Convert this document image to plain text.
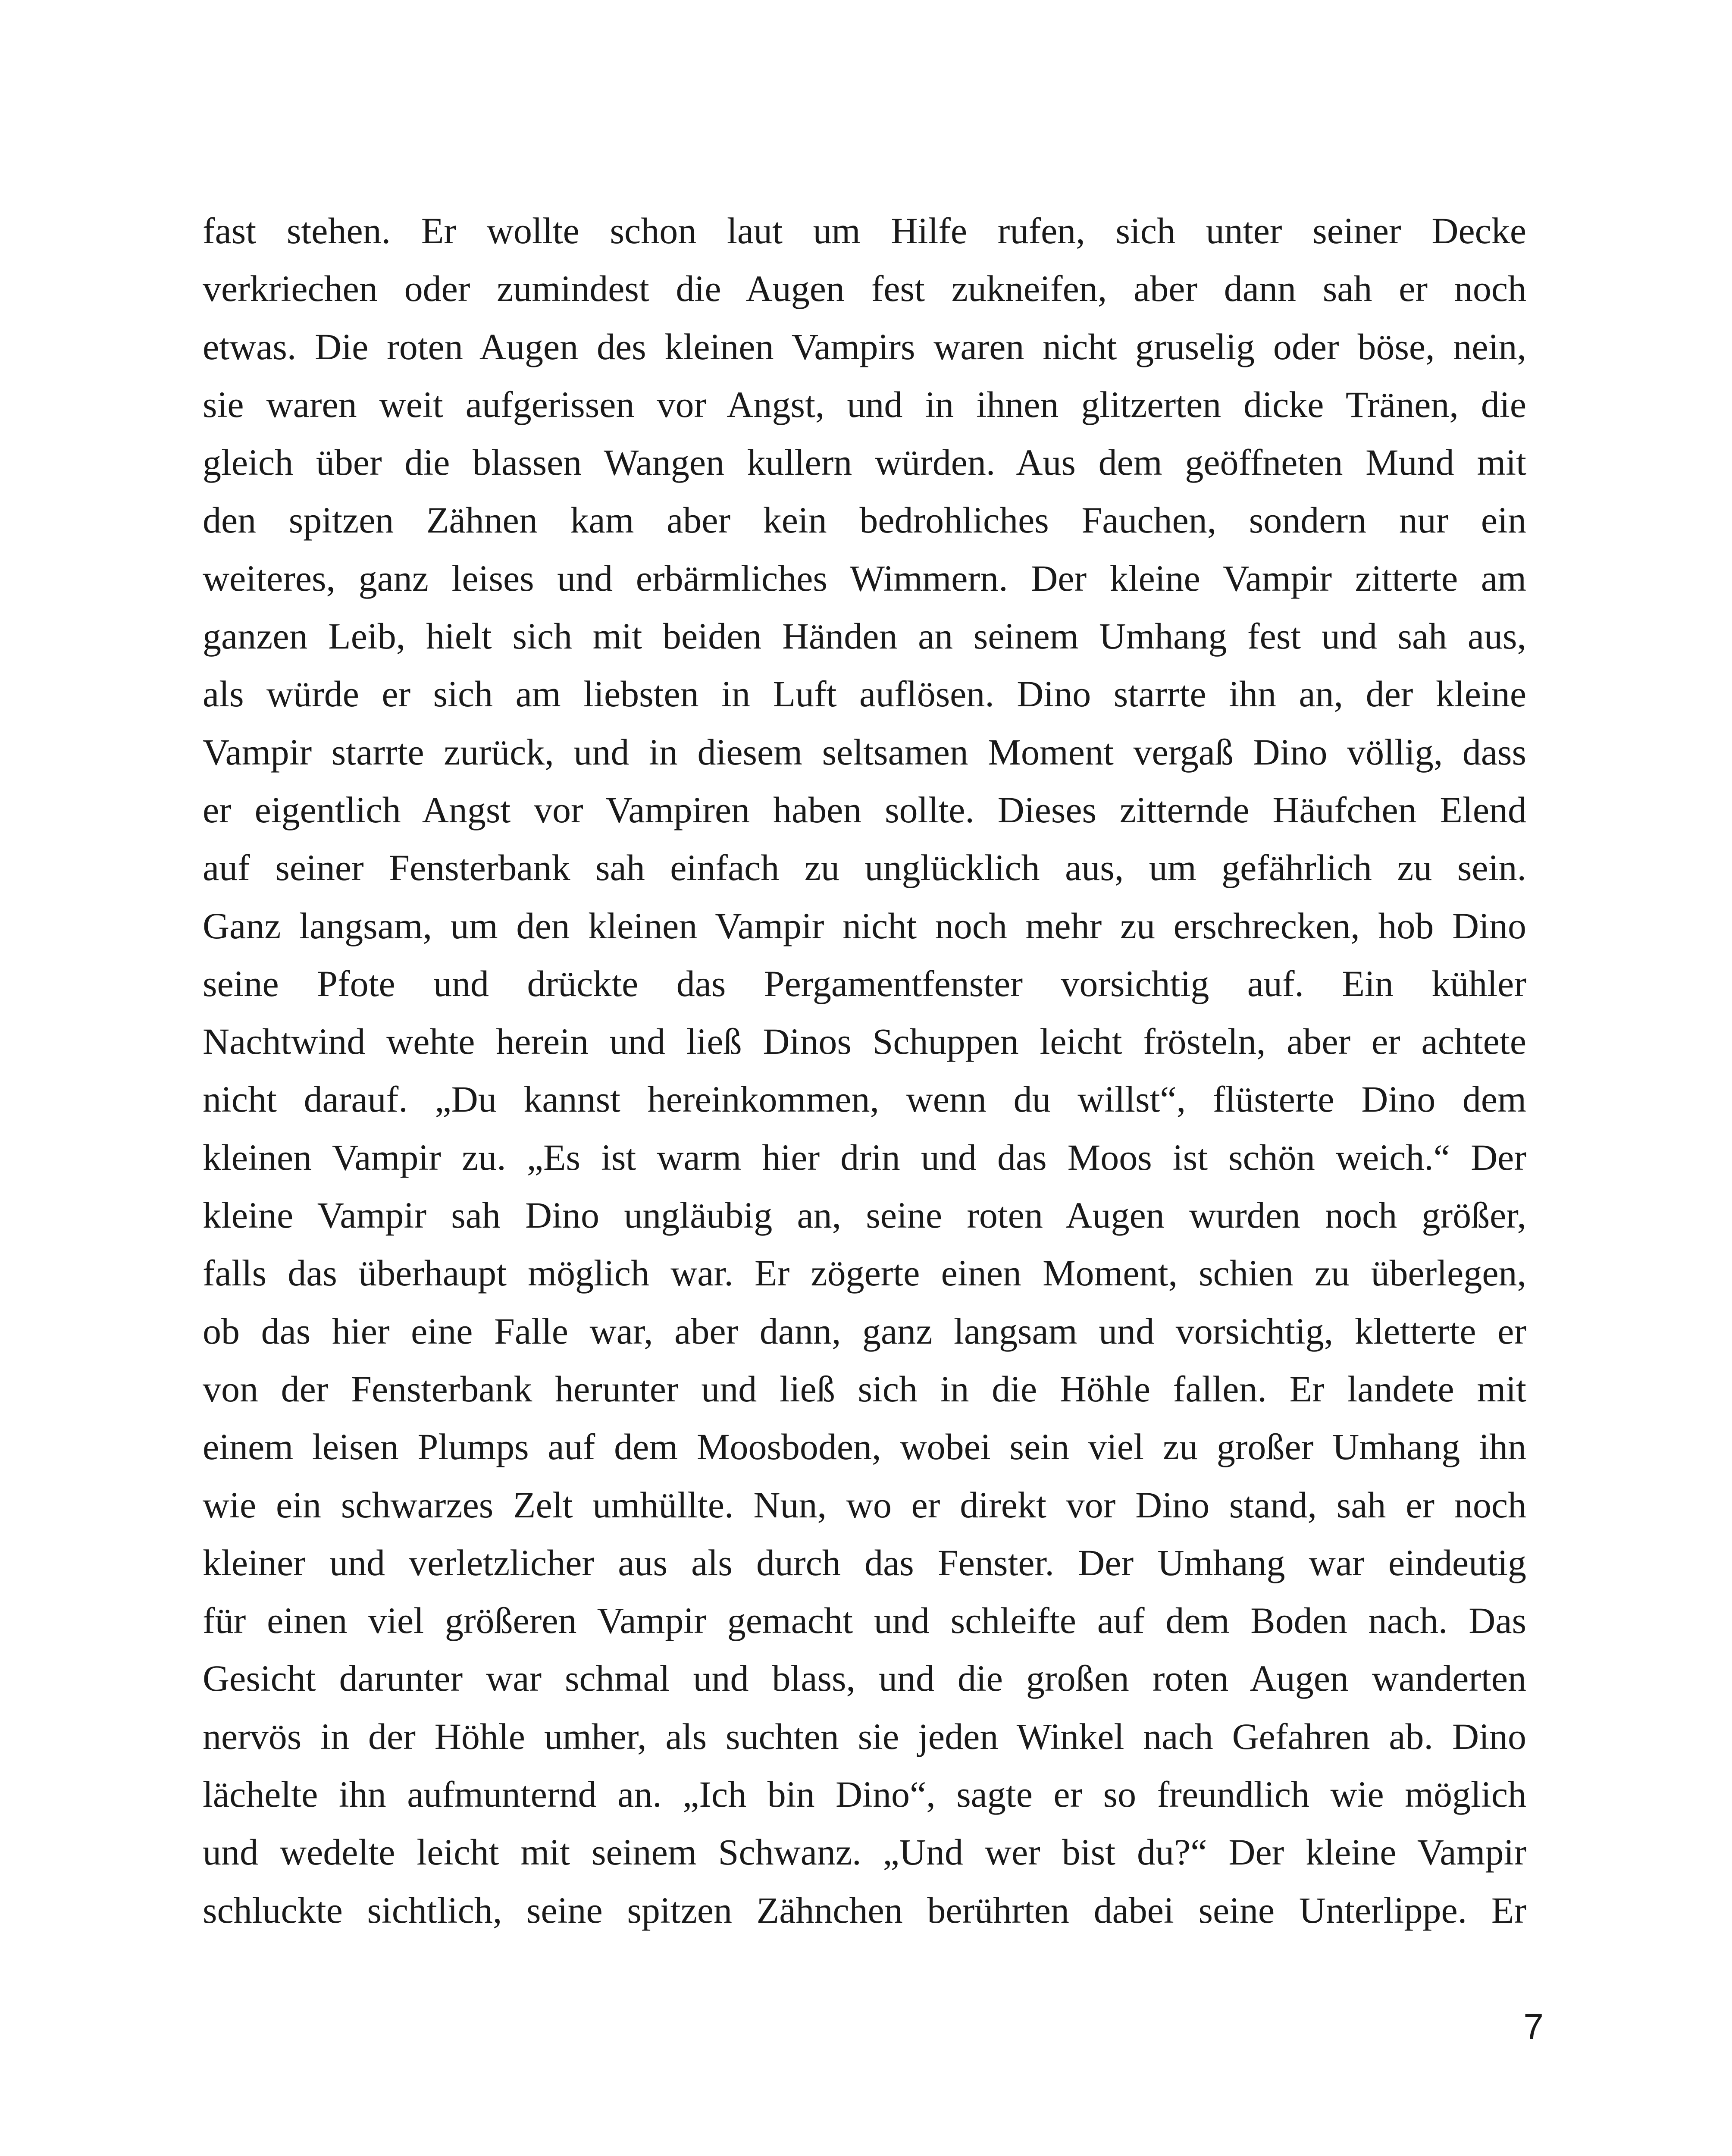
fast stehen. Er wollte schon laut um Hilfe rufen, sich unter seiner Decke
verkriechen oder zumindest die Augen fest zukneifen, aber dann sah er noch
etwas. Die roten Augen des kleinen Vampirs waren nicht gruselig oder böse, nein,
sie waren weit aufgerissen vor Angst, und in ihnen glitzerten dicke Tränen, die
gleich über die blassen Wangen kullern würden. Aus dem geöffneten Mund mit
den spitzen Zähnen kam aber kein bedrohliches Fauchen, sondern nur ein
weiteres, ganz leises und erbärmliches Wimmern. Der kleine Vampir zitterte am
ganzen Leib, hielt sich mit beiden Händen an seinem Umhang fest und sah aus,
als würde er sich am liebsten in Luft auflösen. Dino starrte ihn an, der kleine
Vampir starrte zurück, und in diesem seltsamen Moment vergaß Dino völlig, dass
er eigentlich Angst vor Vampiren haben sollte. Dieses zitternde Häufchen Elend
auf seiner Fensterbank sah einfach zu unglücklich aus, um gefährlich zu sein.
Ganz langsam, um den kleinen Vampir nicht noch mehr zu erschrecken, hob Dino
seine Pfote und drückte das Pergamentfenster vorsichtig auf. Ein kühler
Nachtwind wehte herein und ließ Dinos Schuppen leicht frösteln, aber er achtete
nicht darauf. „Du kannst hereinkommen, wenn du willst“, flüsterte Dino dem
kleinen Vampir zu. „Es ist warm hier drin und das Moos ist schön weich.“ Der
kleine Vampir sah Dino ungläubig an, seine roten Augen wurden noch größer,
falls das überhaupt möglich war. Er zögerte einen Moment, schien zu überlegen,
ob das hier eine Falle war, aber dann, ganz langsam und vorsichtig, kletterte er
von der Fensterbank herunter und ließ sich in die Höhle fallen. Er landete mit
einem leisen Plumps auf dem Moosboden, wobei sein viel zu großer Umhang ihn
wie ein schwarzes Zelt umhüllte. Nun, wo er direkt vor Dino stand, sah er noch
kleiner und verletzlicher aus als durch das Fenster. Der Umhang war eindeutig
für einen viel größeren Vampir gemacht und schleifte auf dem Boden nach. Das
Gesicht darunter war schmal und blass, und die großen roten Augen wanderten
nervös in der Höhle umher, als suchten sie jeden Winkel nach Gefahren ab. Dino
lächelte ihn aufmunternd an. „Ich bin Dino“, sagte er so freundlich wie möglich
und wedelte leicht mit seinem Schwanz. „Und wer bist du?“ Der kleine Vampir
schluckte sichtlich, seine spitzen Zähnchen berührten dabei seine Unterlippe. Er
7
